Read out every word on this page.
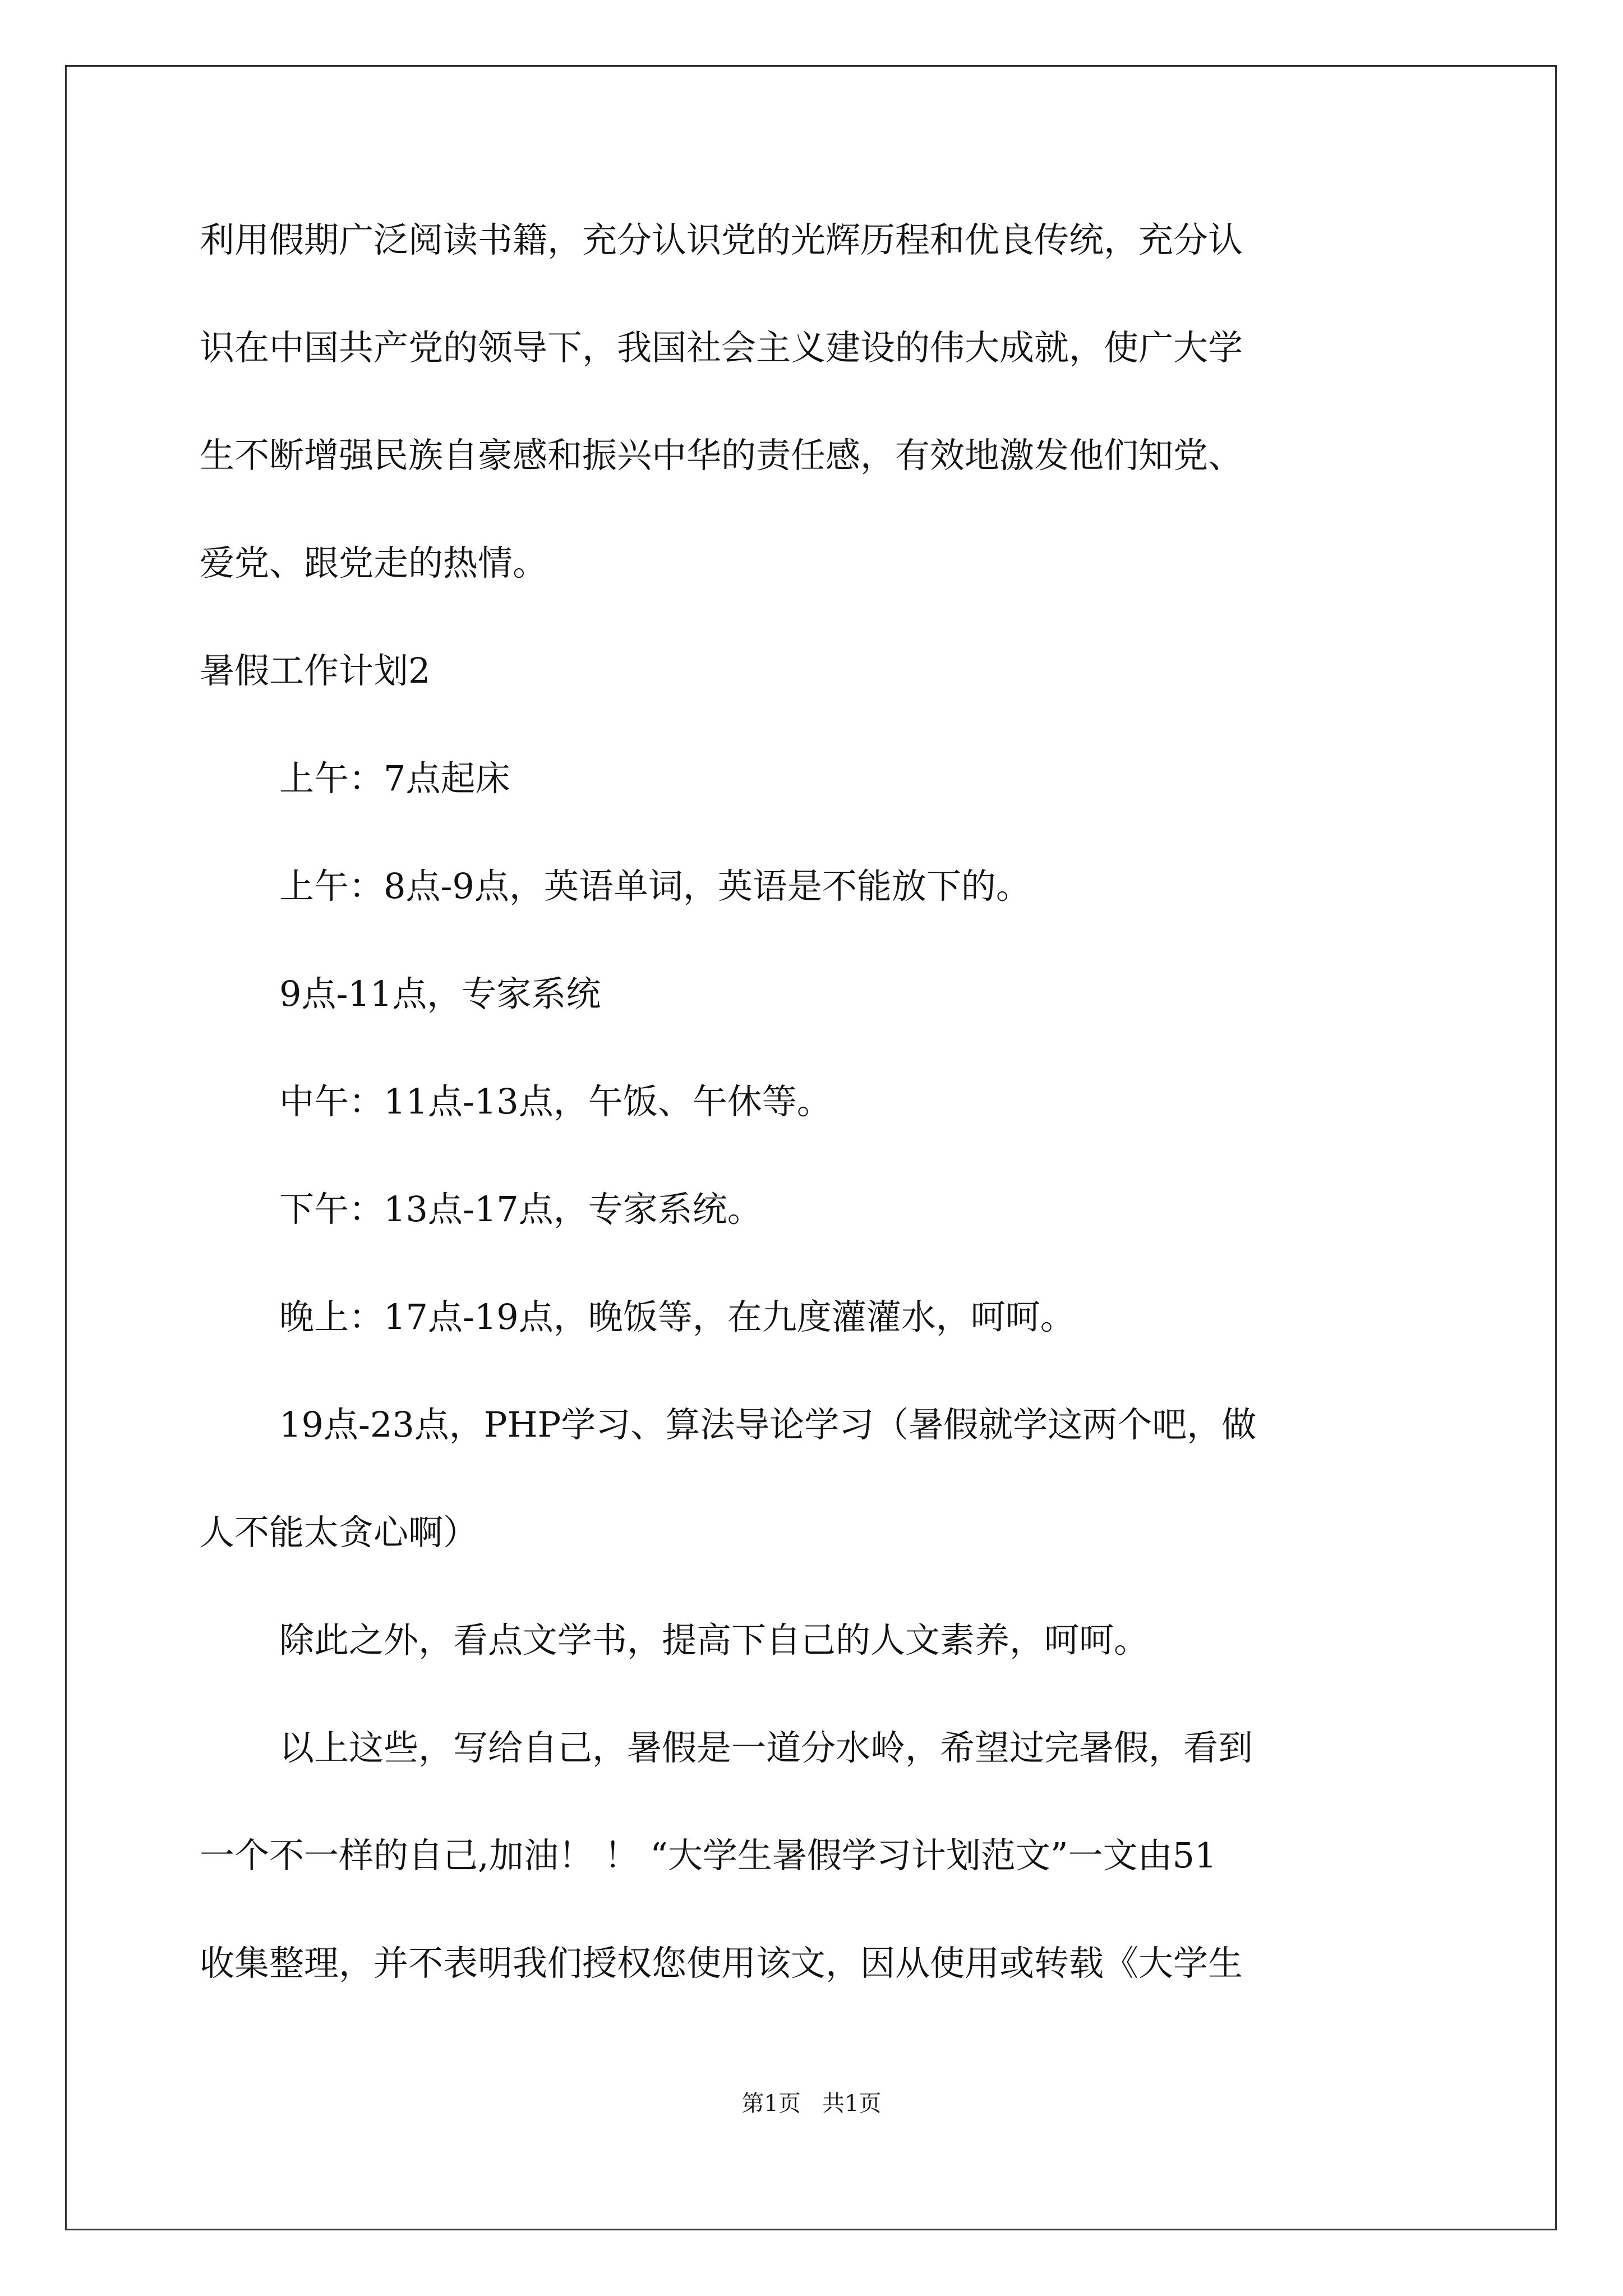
利用假期广泛阅读书籍，充分认识党的光辉历程和优良传统，充分认
识在中国共产党的领导下，我国社会主义建设的伟大成就，使广大学
生不断增强民族自豪感和振兴中华的责任感，有效地激发他们知党、
爱党、跟党走的热情。
暑假工作计划2
上午：7点起床
上午：8点-9点，英语单词，英语是不能放下的。
9点-11点，专家系统
中午：11点-13点，午饭、午休等。
下午：13点-17点，专家系统。
晚上：17点-19点，晚饭等，在九度灌灌水，呵呵。
19点-23点，PHP学习、算法导论学习（暑假就学这两个吧，做
人不能太贪心啊）
除此之外，看点文学书，提高下自己的人文素养，呵呵。
以上这些，写给自己，暑假是一道分水岭，希望过完暑假，看到
一个不一样的自己,加油！ ！ “大学生暑假学习计划范文”一文由51
收集整理，并不表明我们授权您使用该文，因从使用或转载《大学生
第1页   共1页
